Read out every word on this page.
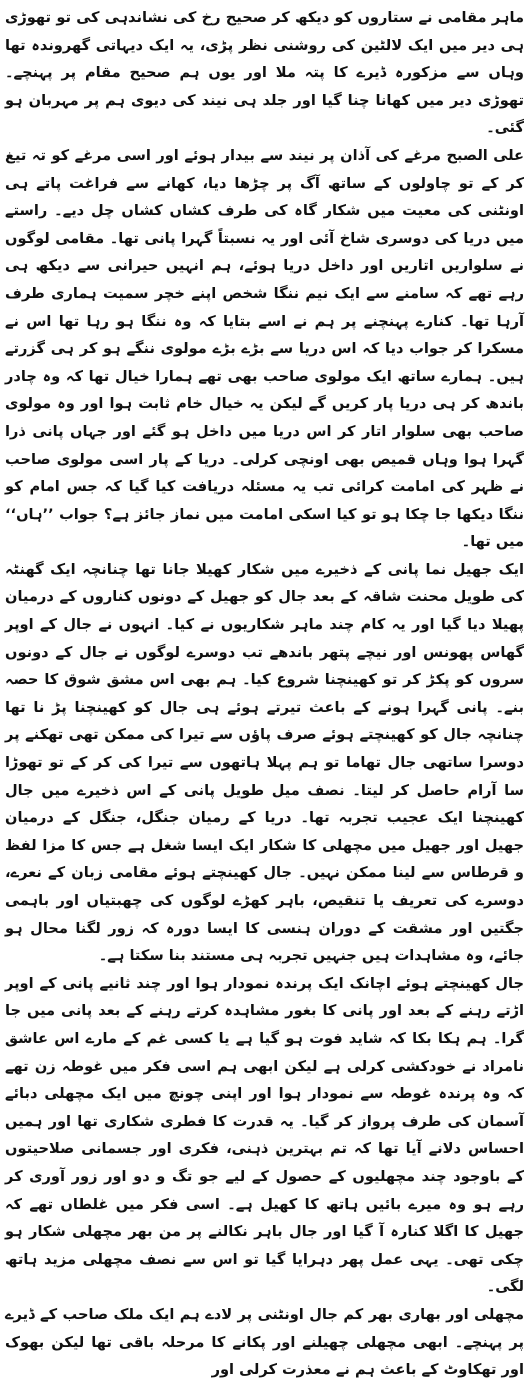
ماہر مقامی نے ستاروں کو دیکھ کر صحیح رخ کی نشاندہی کی تو تھوڑی ہی دیر میں ایک لالٹین کی روشنی نظر پڑی، یہ ایک دیہاتی گھروندہ تھا وہاں سے مزکورہ ڈیرے کا پتہ ملا اور یوں ہم صحیح مقام پر پہنچے۔ تھوڑی دیر میں کھانا چنا گیا اور جلد ہی نیند کی دیوی ہم پر مہربان ہو گئی۔

علی الصبح مرغے کی آذان پر نیند سے بیدار ہوئے اور اسی مرغے کو تہ تیغ کر کے تو چاولوں کے ساتھ آگ پر چڑھا دیا، کھانے سے فراغت پاتے ہی اونٹنی کی معیت میں شکار گاہ کی طرف کشاں کشاں چل دیے۔ راستے میں دریا کی دوسری شاخ آئی اور یہ نسبتاً گہرا پانی تھا۔ مقامی لوگوں نے سلواریں اتاریں اور داخل دریا ہوئے، ہم انہیں حیرانی سے دیکھ ہی رہے تھے کہ سامنے سے ایک نیم ننگا شخص اپنے خچر سمیت ہماری طرف آرہا تھا۔ کنارے پہنچنے پر ہم نے اسے بتایا کہ وہ ننگا ہو رہا تھا اس نے مسکرا کر جواب دیا کہ اس دریا سے بڑے بڑے مولوی ننگے ہو کر ہی گزرتے ہیں۔ ہمارے ساتھ ایک مولوی صاحب بھی تھے ہمارا خیال تھا کہ وہ چادر باندھ کر ہی دریا پار کریں گے لیکن یہ خیال خام ثابت ہوا اور وہ مولوی صاحب بھی سلوار اتار کر اس دریا میں داخل ہو گئے اور جہاں پانی ذرا گہرا ہوا وہاں قمیص بھی اونچی کرلی۔ دریا کے پار اسی مولوی صاحب نے ظہر کی امامت کرائی تب یہ مسئلہ دریافت کیا گیا کہ جس امام کو ننگا دیکھا جا چکا ہو تو کیا اسکی امامت میں نماز جائز ہے؟ جواب ’’ہاں‘‘ میں تھا۔

ایک جھیل نما پانی کے ذخیرے میں شکار کھیلا جانا تھا چنانچہ ایک گھنٹہ کی طویل محنت شاقہ کے بعد جال کو جھیل کے دونوں کناروں کے درمیان پھیلا دیا گیا اور یہ کام چند ماہر شکاریوں نے کیا۔ انہوں نے جال کے اوپر گھاس پھونس اور نیچے پتھر باندھے تب دوسرے لوگوں نے جال کے دونوں سروں کو پکڑ کر تو کھینچنا شروع کیا۔ ہم بھی اس مشق شوق کا حصہ بنے۔ پانی گہرا ہونے کے باعث تیرتے ہوئے ہی جال کو کھینچنا پڑ نا تھا چنانچہ جال کو کھینچتے ہوئے صرف پاؤں سے تیرا کی ممکن تھی تھکنے پر دوسرا ساتھی جال تھاما تو ہم پہلا ہاتھوں سے تیرا کی کر کے تو تھوڑا سا آرام حاصل کر لیتا۔ نصف میل طویل پانی کے اس ذخیرے میں جال کھینچنا ایک عجیب تجربہ تھا۔ دریا کے رمیان جنگل، جنگل کے درمیان جھیل اور جھیل میں مچھلی کا شکار ایک ایسا شغل ہے جس کا مزا لفظ و قرطاس سے لینا ممکن نہیں۔ جال کھینچتے ہوئے مقامی زبان کے نعرے، دوسرے کی تعریف یا تنقیص، باہر کھڑے لوگوں کی چھبتیاں اور باہمی جگتیں اور مشقت کے دوران ہنسی کا ایسا دورہ کہ زور لگنا محال ہو جائے، وہ مشاہدات ہیں جنہیں تجربہ ہی مستند بنا سکتا ہے۔

جال کھینچتے ہوئے اچانک ایک پرندہ نمودار ہوا اور چند ثانیے پانی کے اوپر اڑتے رہنے کے بعد اور پانی کا بغور مشاہدہ کرتے رہنے کے بعد پانی میں جا گرا۔ ہم ہکا بکا کہ شاید فوت ہو گیا ہے یا کسی غم کے مارے اس عاشق نامراد نے خودکشی کرلی ہے لیکن ابھی ہم اسی فکر میں غوطہ زن تھے کہ وہ پرندہ غوطہ سے نمودار ہوا اور اپنی چونچ میں ایک مچھلی دبائے آسمان کی طرف پرواز کر گیا۔ یہ قدرت کا فطری شکاری تھا اور ہمیں احساس دلانے آیا تھا کہ تم بہترین ذہنی، فکری اور جسمانی صلاحیتوں کے باوجود چند مچھلیوں کے حصول کے لیے جو تگ و دو اور زور آوری کر رہے ہو وہ میرے بائیں ہاتھ کا کھیل ہے۔ اسی فکر میں غلطاں تھے کہ جھیل کا اگلا کنارہ آ گیا اور جال باہر نکالنے پر من بھر مچھلی شکار ہو چکی تھی۔ یہی عمل پھر دہرایا گیا تو اس سے نصف مچھلی مزید ہاتھ لگی۔

مچھلی اور بھاری بھر کم جال اونٹنی پر لادے ہم ایک ملک صاحب کے ڈیرے پر پہنچے۔ ابھی مچھلی چھیلنے اور پکانے کا مرحلہ باقی تھا لیکن بھوک اور تھکاوٹ کے باعث ہم نے معذرت کرلی اور
